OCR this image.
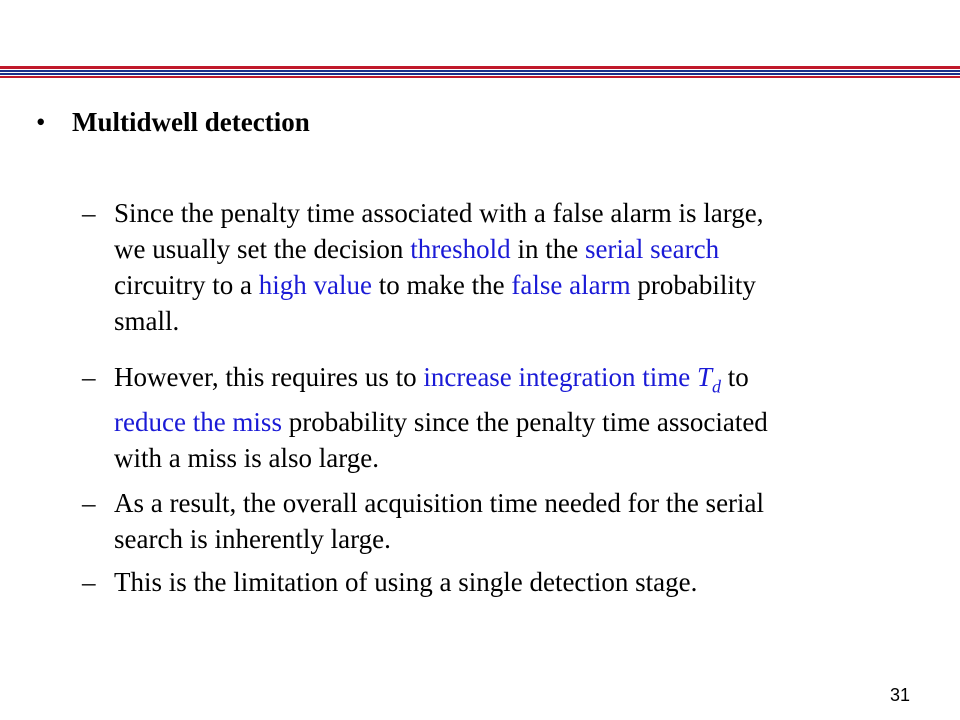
• Multidwell detection
– Since the penalty time associated with a false alarm is large,
we usually set the decision threshold in the serial search
circuitry to a high value to make the false alarm probability
small.
– However, this requires us to increase integration time $T_d$ to
reduce the miss probability since the penalty time associated
with a miss is also large.
– As a result, the overall acquisition time needed for the serial
search is inherently large.
– This is the limitation of using a single detection stage.
31
